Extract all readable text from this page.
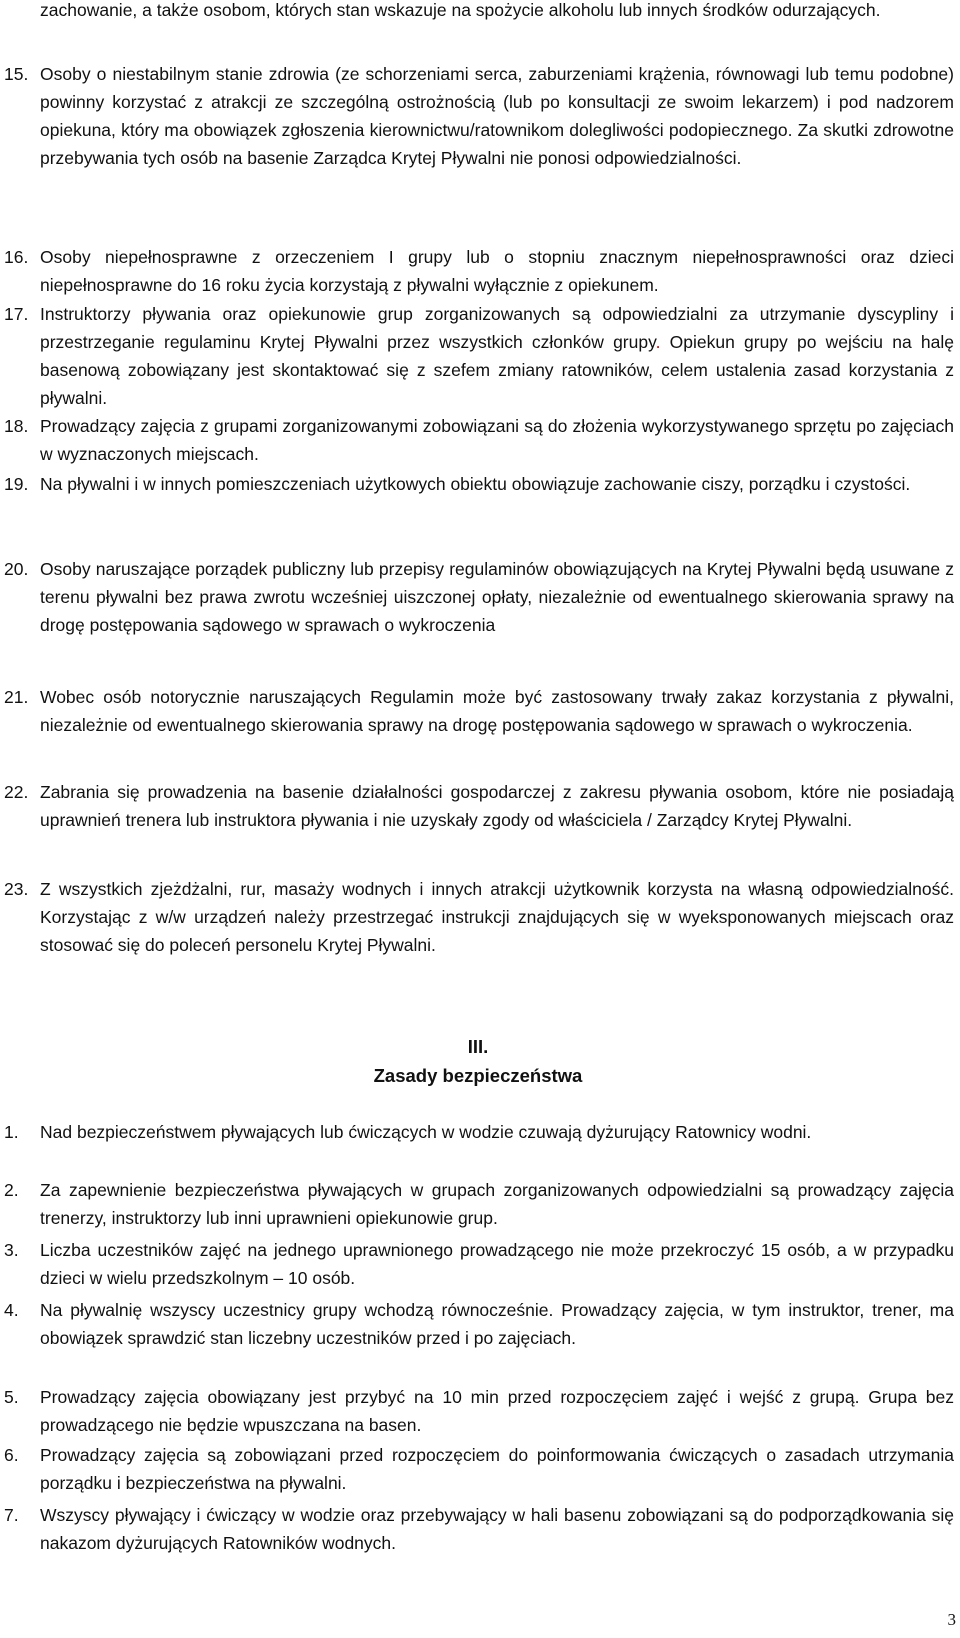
zachowanie, a także osobom, których stan wskazuje na spożycie alkoholu lub innych środków odurzających.

15. Osoby o niestabilnym stanie zdrowia (ze schorzeniami serca, zaburzeniami krążenia, równowagi lub temu podobne) powinny korzystać z atrakcji ze szczególną ostrożnością (lub po konsultacji ze swoim lekarzem) i pod nadzorem opiekuna, który ma obowiązek zgłoszenia kierownictwu/ratownikom dolegliwości podopiecznego. Za skutki zdrowotne przebywania tych osób na basenie Zarządca Krytej Pływalni nie ponosi odpowiedzialności.

16. Osoby niepełnosprawne z orzeczeniem I grupy lub o stopniu znacznym niepełnosprawności oraz dzieci niepełnosprawne do 16 roku życia korzystają z pływalni wyłącznie z opiekunem.

17. Instruktorzy pływania oraz opiekunowie grup zorganizowanych są odpowiedzialni za utrzymanie dyscypliny i przestrzeganie regulaminu Krytej Pływalni przez wszystkich członków grupy. Opiekun grupy po wejściu na halę basenową zobowiązany jest skontaktować się z szefem zmiany ratowników, celem ustalenia zasad korzystania z pływalni.

18. Prowadzący zajęcia z grupami zorganizowanymi zobowiązani są do złożenia wykorzystywanego sprzętu po zajęciach w wyznaczonych miejscach.

19. Na pływalni i w innych pomieszczeniach użytkowych obiektu obowiązuje zachowanie ciszy, porządku i czystości.

20. Osoby naruszające porządek publiczny lub przepisy regulaminów obowiązujących na Krytej Pływalni będą usuwane z terenu pływalni bez prawa zwrotu wcześniej uiszczonej opłaty, niezależnie od ewentualnego skierowania sprawy na drogę postępowania sądowego w sprawach o wykroczenia

21. Wobec osób notorycznie naruszających Regulamin może być zastosowany trwały zakaz korzystania z pływalni, niezależnie od ewentualnego skierowania sprawy na drogę postępowania sądowego w sprawach o wykroczenia.

22. Zabrania się prowadzenia na basenie działalności gospodarczej z zakresu pływania osobom, które nie posiadają uprawnień trenera lub instruktora pływania i nie uzyskały zgody od właściciela / Zarządcy Krytej Pływalni.

23. Z wszystkich zjeżdżalni, rur, masaży wodnych i innych atrakcji użytkownik korzysta na własną odpowiedzialność. Korzystając z w/w urządzeń należy przestrzegać instrukcji znajdujących się w wyeksponowanych miejscach oraz stosować się do poleceń personelu Krytej Pływalni.

III.
Zasady bezpieczeństwa
1. Nad bezpieczeństwem pływających lub ćwiczących w wodzie czuwają dyżurujący Ratownicy wodni.

2. Za zapewnienie bezpieczeństwa pływających w grupach zorganizowanych odpowiedzialni są prowadzący zajęcia trenerzy, instruktorzy lub inni uprawnieni opiekunowie grup.

3. Liczba uczestników zajęć na jednego uprawnionego prowadzącego nie może przekroczyć 15 osób, a w przypadku dzieci w wielu przedszkolnym – 10 osób.

4. Na pływalnię wszyscy uczestnicy grupy wchodzą równocześnie. Prowadzący zajęcia, w tym instruktor, trener, ma obowiązek sprawdzić stan liczebny uczestników przed i po zajęciach.

5. Prowadzący zajęcia obowiązany jest przybyć na 10 min przed rozpoczęciem zajęć i wejść z grupą. Grupa bez prowadzącego nie będzie wpuszczana na basen.

6. Prowadzący zajęcia są zobowiązani przed rozpoczęciem do poinformowania ćwiczących o zasadach utrzymania porządku i bezpieczeństwa na pływalni.

7. Wszyscy pływający i ćwiczący w wodzie oraz przebywający w hali basenu zobowiązani są do podporządkowania się nakazom dyżurujących Ratowników wodnych.

3
